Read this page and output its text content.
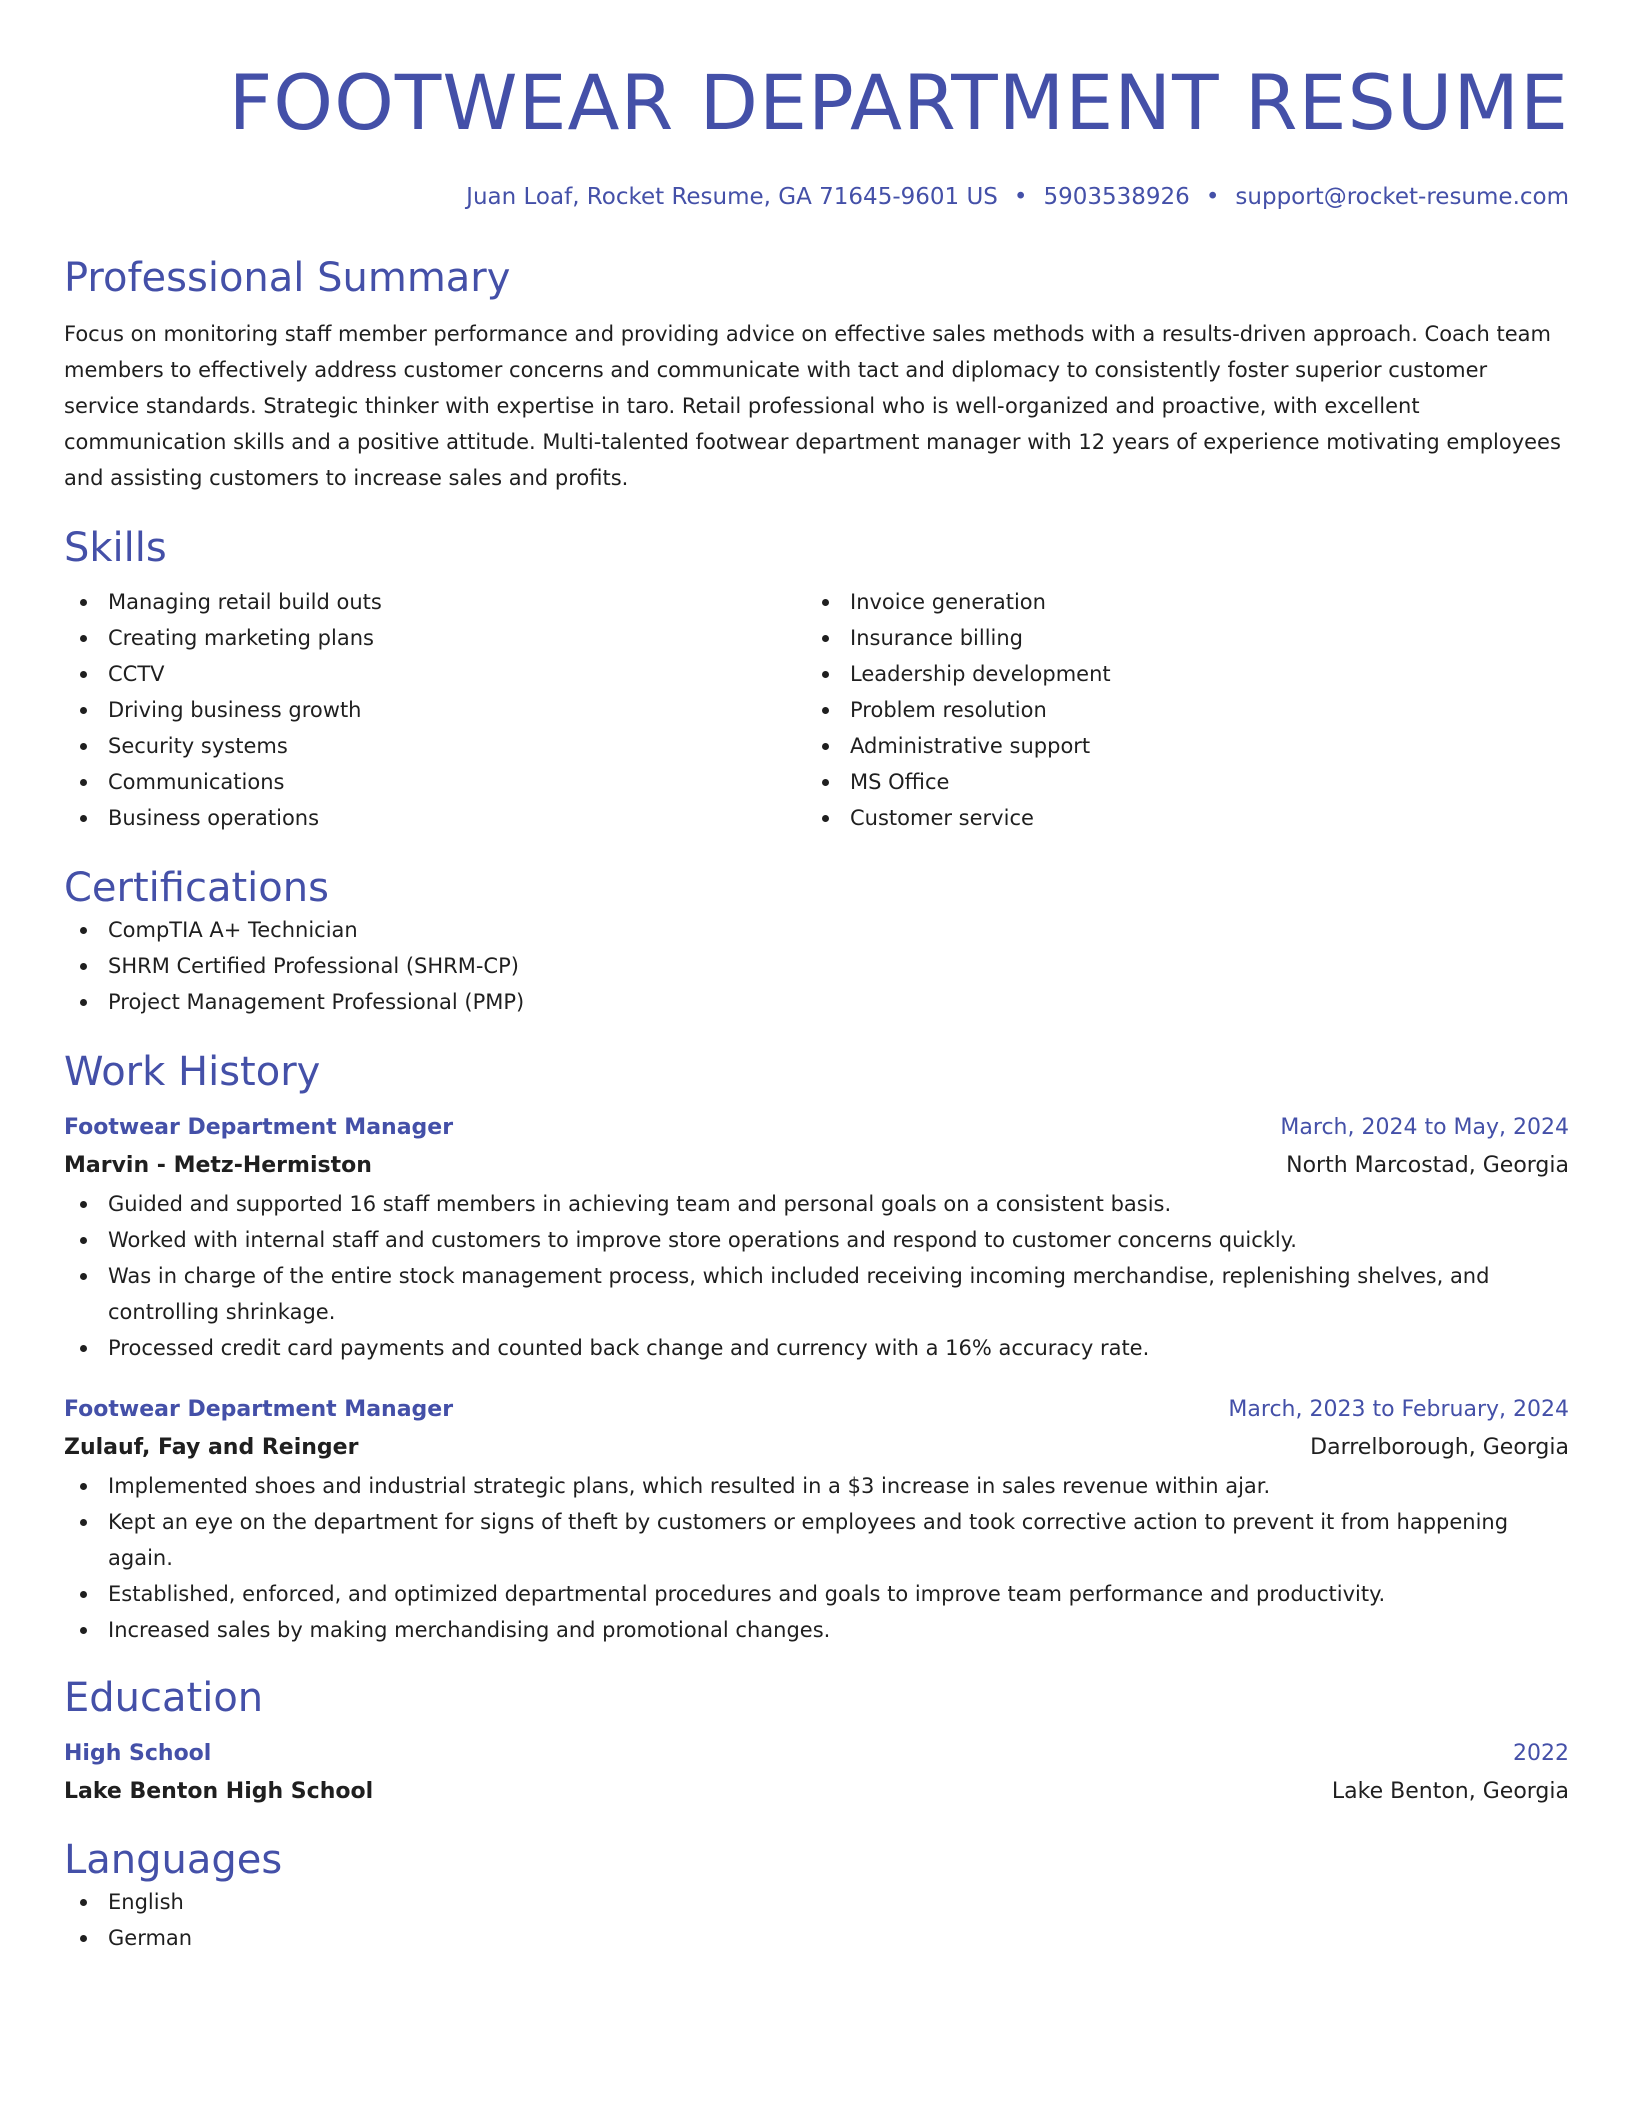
FOOTWEAR DEPARTMENT RESUME
Juan Loaf, Rocket Resume, GA 71645-9601 US • 5903538926 • support@rocket-resume.com
Professional Summary

Focus on monitoring staff member performance and providing advice on effective sales methods with a results-driven approach. Coach team members to effectively address customer concerns and communicate with tact and diplomacy to consistently foster superior customer service standards. Strategic thinker with expertise in taro. Retail professional who is well-organized and proactive, with excellent communication skills and a positive attitude. Multi-talented footwear department manager with 12 years of experience motivating employees and assisting customers to increase sales and profits.

Skills
Managing retail build outs
Creating marketing plans
CCTV
Driving business growth
Security systems
Communications
Business operations
Invoice generation
Insurance billing
Leadership development
Problem resolution
Administrative support
MS Office
Customer service
Certifications
CompTIA A+ Technician
SHRM Certified Professional (SHRM-CP)
Project Management Professional (PMP)
Work History
Footwear Department Manager	March, 2024 to May, 2024
Marvin - Metz-Hermiston	North Marcostad, Georgia
Guided and supported 16 staff members in achieving team and personal goals on a consistent basis.
Worked with internal staff and customers to improve store operations and respond to customer concerns quickly.
Was in charge of the entire stock management process, which included receiving incoming merchandise, replenishing shelves, and controlling shrinkage.
Processed credit card payments and counted back change and currency with a 16% accuracy rate.
Footwear Department Manager	March, 2023 to February, 2024
Zulauf, Fay and Reinger	Darrelborough, Georgia
Implemented shoes and industrial strategic plans, which resulted in a $3 increase in sales revenue within ajar.
Kept an eye on the department for signs of theft by customers or employees and took corrective action to prevent it from happening again.
Established, enforced, and optimized departmental procedures and goals to improve team performance and productivity.
Increased sales by making merchandising and promotional changes.
Education
High School	2022
Lake Benton High School	Lake Benton, Georgia
Languages
English
German
